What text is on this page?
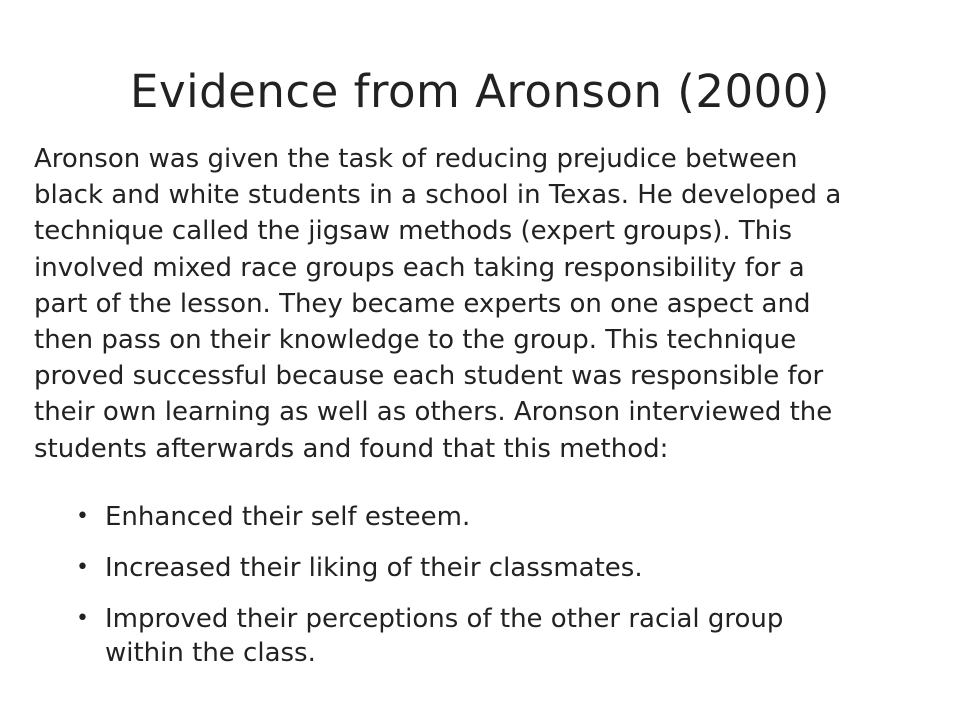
Evidence from Aronson (2000)
Aronson was given the task of reducing prejudice between
black and white students in a school in Texas. He developed a
technique called the jigsaw methods (expert groups). This
involved mixed race groups each taking responsibility for a
part of the lesson. They became experts on one aspect and
then pass on their knowledge to the group. This technique
proved successful because each student was responsible for
their own learning as well as others. Aronson interviewed the
students afterwards and found that this method:
• Enhanced their self esteem.
• Increased their liking of their classmates.
• Improved their perceptions of the other racial group
within the class.
